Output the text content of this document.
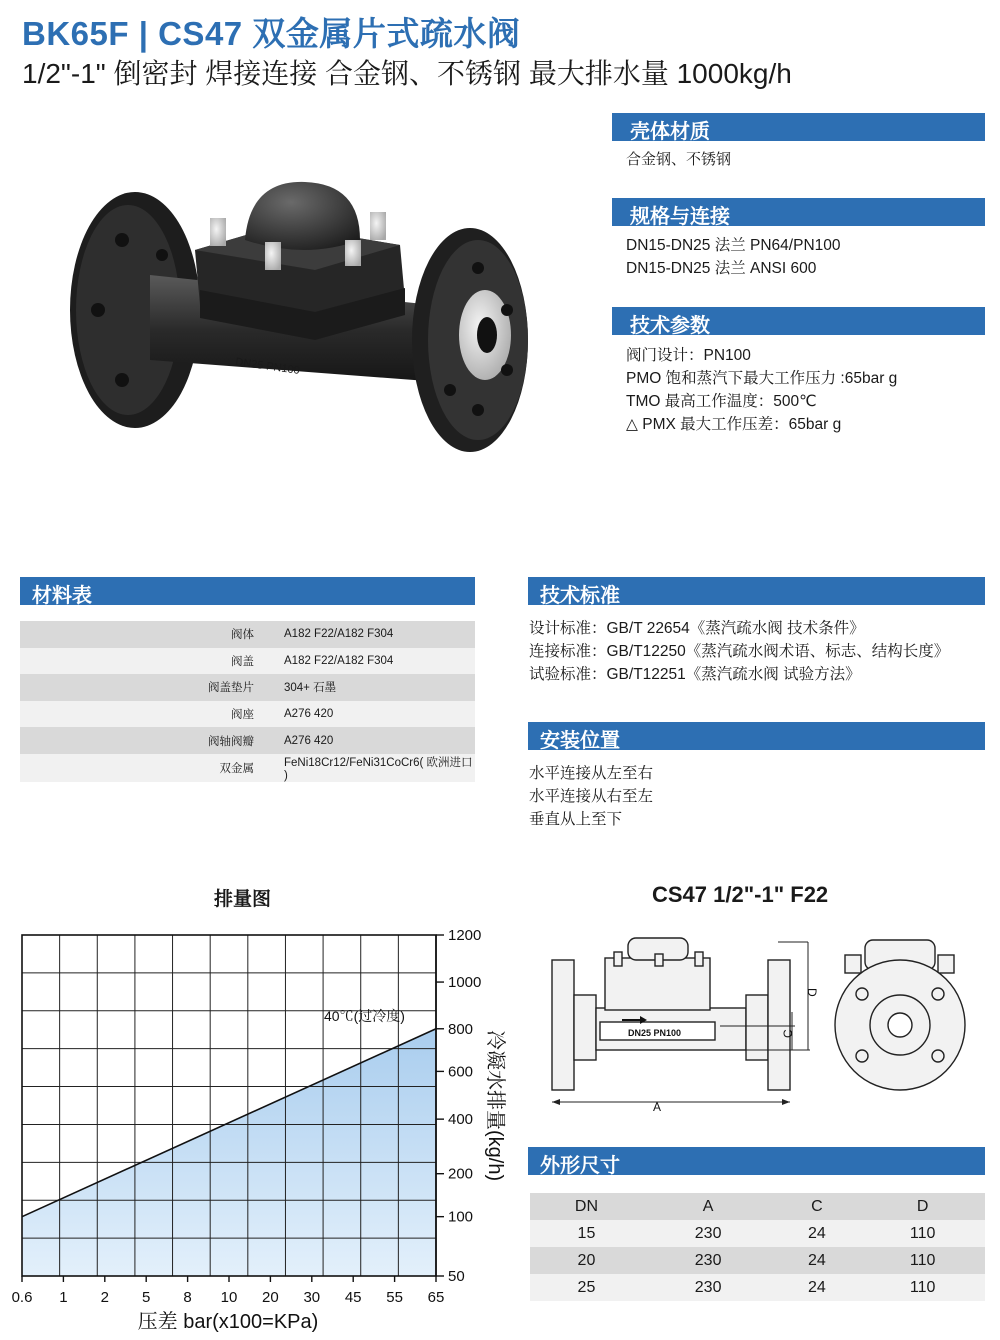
BK65F | CS47 双金属片式疏水阀
1/2"-1" 倒密封 焊接连接 合金钢、不锈钢 最大排水量 1000kg/h
DN25 PN100
壳体材质
合金钢、不锈钢
规格与连接
DN15-DN25 法兰 PN64/PN100
DN15-DN25 法兰 ANSI 600
技术参数
阀门设计：PN100
PMO 饱和蒸汽下最大工作压力 :65bar g
TMO 最高工作温度：500℃
△ PMX 最大工作压差：65bar g
材料表
阀体	A182 F22/A182 F304
阀盖	A182 F22/A182 F304
阀盖垫片	304+ 石墨
阀座	A276 420
阀轴阀瓣	A276 420
双金属	FeNi18Cr12/FeNi31CoCr6( 欧洲进口 )
技术标准
设计标准：GB/T 22654《蒸汽疏水阀 技术条件》
连接标准：GB/T12250《蒸汽疏水阀术语、标志、结构长度》
试验标准：GB/T12251《蒸汽疏水阀 试验方法》
安装位置
水平连接从左至右
水平连接从右至左
垂直从上至下
排量图
40℃(过冷度)
50
100
200
400
600
800
1000
1200
0.6 1 2 5 8 10 20 30 45 55 65
压差 bar(x100=KPa)
冷凝水排量(kg/h)
CS47 1/2"-1" F22
DN25 PN100
A
C
D
外形尺寸
DN	A	C	D
15	230	24	110
20	230	24	110
25	230	24	110
